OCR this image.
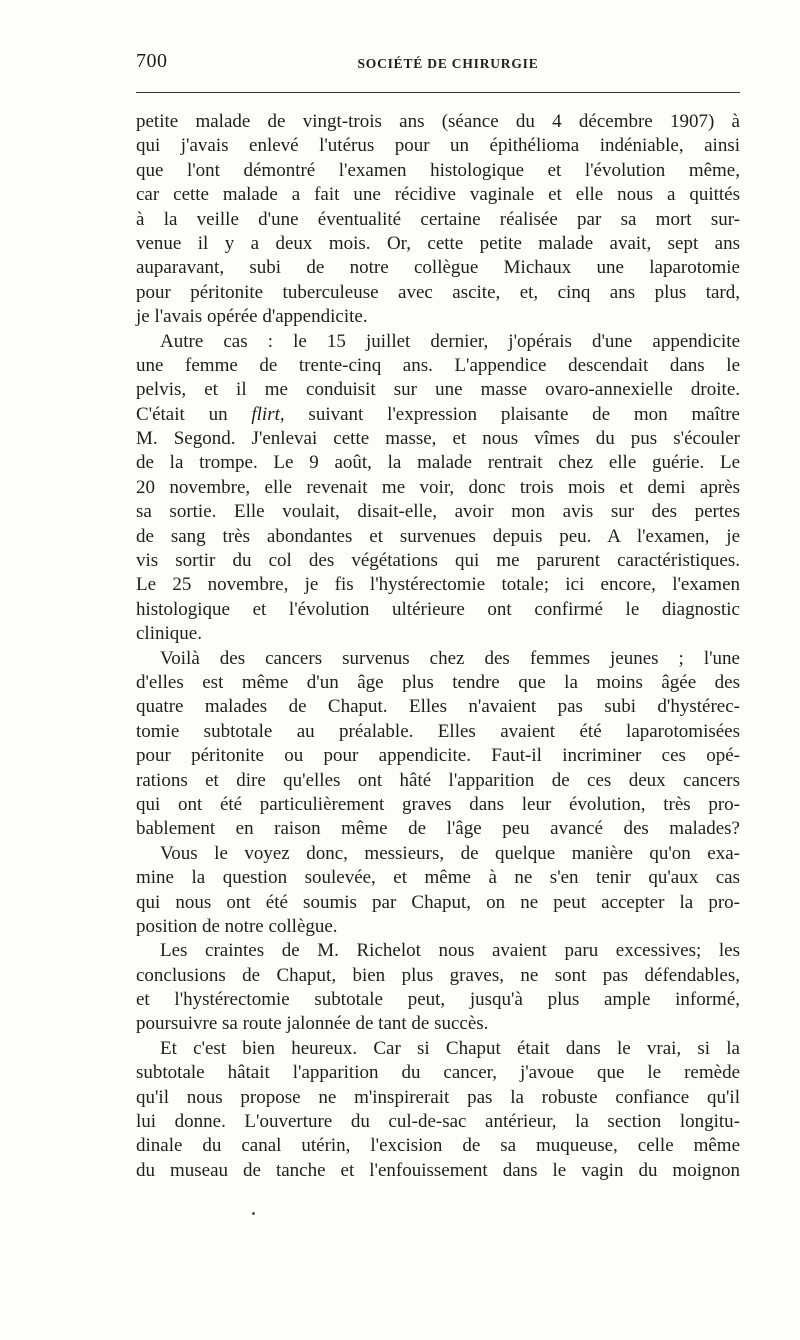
700	SOCIÉTÉ DE CHIRURGIE
petite malade de vingt-trois ans (séance du 4 décembre 1907) à
qui j'avais enlevé l'utérus pour un épithélioma indéniable, ainsi
que l'ont démontré l'examen histologique et l'évolution même,
car cette malade a fait une récidive vaginale et elle nous a quittés
à la veille d'une éventualité certaine réalisée par sa mort sur-
venue il y a deux mois. Or, cette petite malade avait, sept ans
auparavant, subi de notre collègue Michaux une laparotomie
pour péritonite tuberculeuse avec ascite, et, cinq ans plus tard,
je l'avais opérée d'appendicite.
Autre cas : le 15 juillet dernier, j'opérais d'une appendicite
une femme de trente-cinq ans. L'appendice descendait dans le
pelvis, et il me conduisit sur une masse ovaro-annexielle droite.
C'était un flirt, suivant l'expression plaisante de mon maître
M. Segond. J'enlevai cette masse, et nous vîmes du pus s'écouler
de la trompe. Le 9 août, la malade rentrait chez elle guérie. Le
20 novembre, elle revenait me voir, donc trois mois et demi après
sa sortie. Elle voulait, disait-elle, avoir mon avis sur des pertes
de sang très abondantes et survenues depuis peu. A l'examen, je
vis sortir du col des végétations qui me parurent caractéristiques.
Le 25 novembre, je fis l'hystérectomie totale; ici encore, l'examen
histologique et l'évolution ultérieure ont confirmé le diagnostic
clinique.
Voilà des cancers survenus chez des femmes jeunes ; l'une
d'elles est même d'un âge plus tendre que la moins âgée des
quatre malades de Chaput. Elles n'avaient pas subi d'hystérec-
tomie subtotale au préalable. Elles avaient été laparotomisées
pour péritonite ou pour appendicite. Faut-il incriminer ces opé-
rations et dire qu'elles ont hâté l'apparition de ces deux cancers
qui ont été particulièrement graves dans leur évolution, très pro-
bablement en raison même de l'âge peu avancé des malades?
Vous le voyez donc, messieurs, de quelque manière qu'on exa-
mine la question soulevée, et même à ne s'en tenir qu'aux cas
qui nous ont été soumis par Chaput, on ne peut accepter la pro-
position de notre collègue.
Les craintes de M. Richelot nous avaient paru excessives; les
conclusions de Chaput, bien plus graves, ne sont pas défendables,
et l'hystérectomie subtotale peut, jusqu'à plus ample informé,
poursuivre sa route jalonnée de tant de succès.
Et c'est bien heureux. Car si Chaput était dans le vrai, si la
subtotale hâtait l'apparition du cancer, j'avoue que le remède
qu'il nous propose ne m'inspirerait pas la robuste confiance qu'il
lui donne. L'ouverture du cul-de-sac antérieur, la section longitu-
dinale du canal utérin, l'excision de sa muqueuse, celle même
du museau de tanche et l'enfouissement dans le vagin du moignon
